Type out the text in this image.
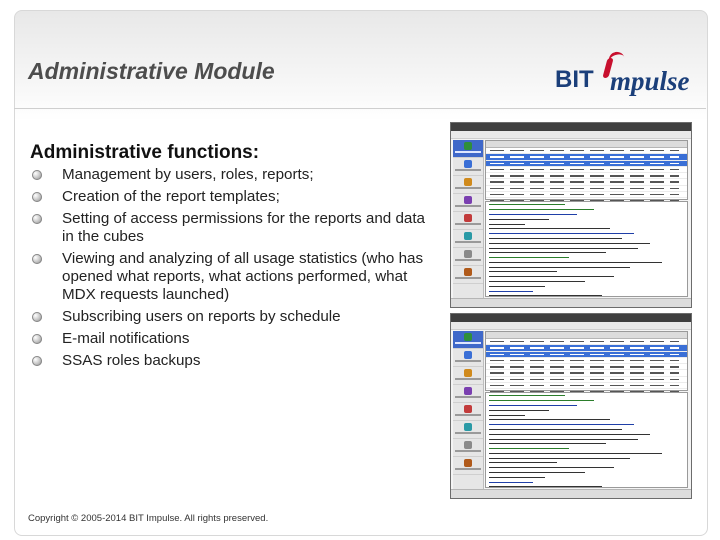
Administrative Module	BIT mpulse
Administrative functions:
Management by users, roles, reports;
Creation of the report templates;
Setting of access permissions for the reports and data in the cubes
Viewing and analyzing of all usage statistics (who has opened what reports, what actions performed, what MDX requests launched)
Subscribing users on reports by schedule
E-mail notifications
SSAS roles backups
Copyright © 2005-2014 BIT Impulse. All rights preserved.
